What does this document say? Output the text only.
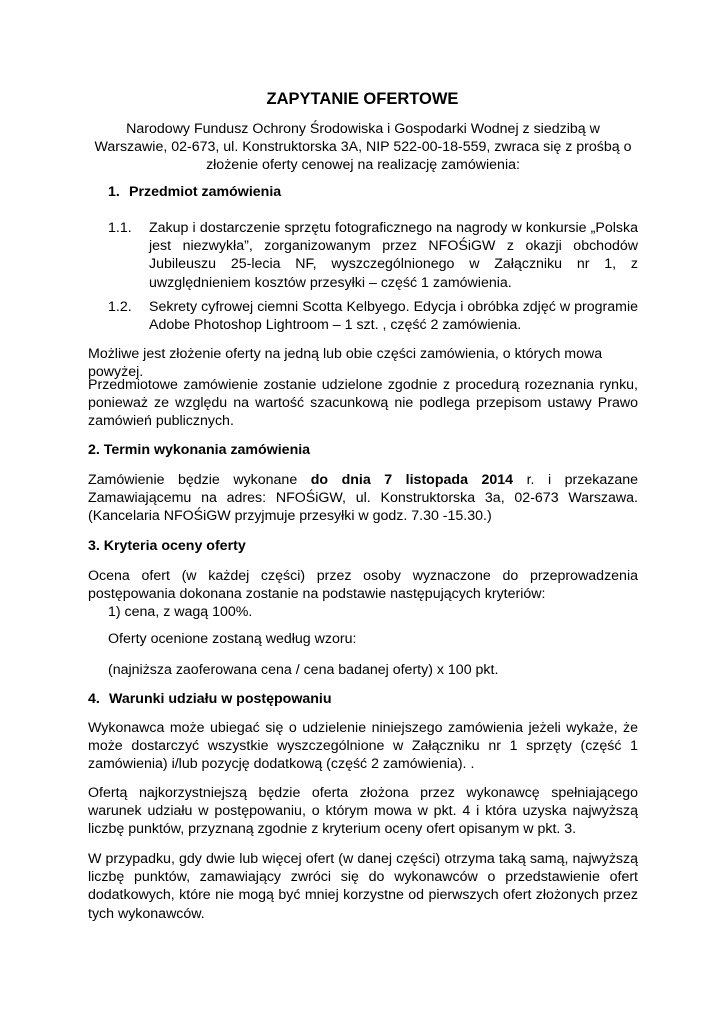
ZAPYTANIE OFERTOWE
Narodowy Fundusz Ochrony Środowiska i Gospodarki Wodnej z siedzibą w Warszawie, 02-673, ul. Konstruktorska 3A, NIP 522-00-18-559, zwraca się z prośbą o złożenie oferty cenowej na realizację zamówienia:
1. Przedmiot zamówienia
1.1. Zakup i dostarczenie sprzętu fotograficznego na nagrody w konkursie „Polska jest niezwykła”, zorganizowanym przez NFOŚiGW z okazji obchodów Jubileuszu 25-lecia NF, wyszczególnionego w Załączniku nr 1, z uwzględnieniem kosztów przesyłki – część 1 zamówienia.
1.2. Sekrety cyfrowej ciemni Scotta Kelbyego. Edycja i obróbka zdjęć w programie Adobe Photoshop Lightroom – 1 szt. , część 2 zamówienia.
Możliwe jest złożenie oferty na jedną lub obie części zamówienia, o których mowa powyżej.
Przedmiotowe zamówienie zostanie udzielone zgodnie z procedurą rozeznania rynku, ponieważ ze względu na wartość szacunkową nie podlega przepisom ustawy Prawo zamówień publicznych.
2. Termin wykonania zamówienia
Zamówienie będzie wykonane do dnia 7 listopada 2014 r. i przekazane Zamawiającemu na adres: NFOŚiGW, ul. Konstruktorska 3a, 02-673 Warszawa. (Kancelaria NFOŚiGW przyjmuje przesyłki w godz. 7.30 -15.30.)
3. Kryteria oceny oferty
Ocena ofert (w każdej części) przez osoby wyznaczone do przeprowadzenia postępowania dokonana zostanie na podstawie następujących kryteriów:
1) cena, z wagą 100%.
Oferty ocenione zostaną według wzoru:
(najniższa zaoferowana cena / cena badanej oferty) x 100 pkt.
4. Warunki udziału w postępowaniu
Wykonawca może ubiegać się o udzielenie niniejszego zamówienia jeżeli wykaże, że może dostarczyć wszystkie wyszczególnione w Załączniku nr 1 sprzęty (część 1 zamówienia) i/lub pozycję dodatkową (część 2 zamówienia). .
Ofertą najkorzystniejszą będzie oferta złożona przez wykonawcę spełniającego warunek udziału w postępowaniu, o którym mowa w pkt. 4 i która uzyska najwyższą liczbę punktów, przyznaną zgodnie z kryterium oceny ofert opisanym w pkt. 3.
W przypadku, gdy dwie lub więcej ofert (w danej części) otrzyma taką samą, najwyższą liczbę punktów, zamawiający zwróci się do wykonawców o przedstawienie ofert dodatkowych, które nie mogą być mniej korzystne od pierwszych ofert złożonych przez tych wykonawców.
